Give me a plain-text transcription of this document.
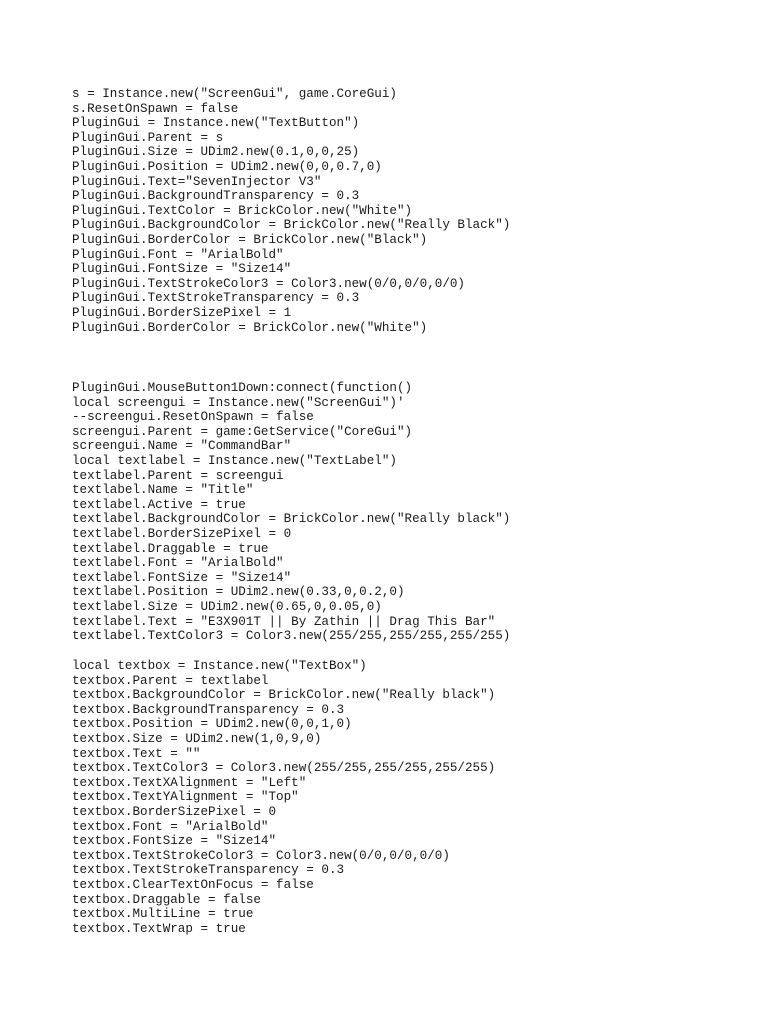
s = Instance.new("ScreenGui", game.CoreGui)
s.ResetOnSpawn = false
PluginGui = Instance.new("TextButton")
PluginGui.Parent = s
PluginGui.Size = UDim2.new(0.1,0,0,25)
PluginGui.Position = UDim2.new(0,0,0.7,0)
PluginGui.Text="SevenInjector V3"
PluginGui.BackgroundTransparency = 0.3
PluginGui.TextColor = BrickColor.new("White")
PluginGui.BackgroundColor = BrickColor.new("Really Black")
PluginGui.BorderColor = BrickColor.new("Black")
PluginGui.Font = "ArialBold"
PluginGui.FontSize = "Size14"
PluginGui.TextStrokeColor3 = Color3.new(0/0,0/0,0/0)
PluginGui.TextStrokeTransparency = 0.3
PluginGui.BorderSizePixel = 1
PluginGui.BorderColor = BrickColor.new("White")
PluginGui.MouseButton1Down:connect(function()
local screengui = Instance.new("ScreenGui")'
--screengui.ResetOnSpawn = false
screengui.Parent = game:GetService("CoreGui")
screengui.Name = "CommandBar"
local textlabel = Instance.new("TextLabel")
textlabel.Parent = screengui
textlabel.Name = "Title"
textlabel.Active = true
textlabel.BackgroundColor = BrickColor.new("Really black")
textlabel.BorderSizePixel = 0
textlabel.Draggable = true
textlabel.Font = "ArialBold"
textlabel.FontSize = "Size14"
textlabel.Position = UDim2.new(0.33,0,0.2,0)
textlabel.Size = UDim2.new(0.65,0,0.05,0)
textlabel.Text = "E3X901T || By Zathin || Drag This Bar"
textlabel.TextColor3 = Color3.new(255/255,255/255,255/255)
local textbox = Instance.new("TextBox")
textbox.Parent = textlabel
textbox.BackgroundColor = BrickColor.new("Really black")
textbox.BackgroundTransparency = 0.3
textbox.Position = UDim2.new(0,0,1,0)
textbox.Size = UDim2.new(1,0,9,0)
textbox.Text = ""
textbox.TextColor3 = Color3.new(255/255,255/255,255/255)
textbox.TextXAlignment = "Left"
textbox.TextYAlignment = "Top"
textbox.BorderSizePixel = 0
textbox.Font = "ArialBold"
textbox.FontSize = "Size14"
textbox.TextStrokeColor3 = Color3.new(0/0,0/0,0/0)
textbox.TextStrokeTransparency = 0.3
textbox.ClearTextOnFocus = false
textbox.Draggable = false
textbox.MultiLine = true
textbox.TextWrap = true
